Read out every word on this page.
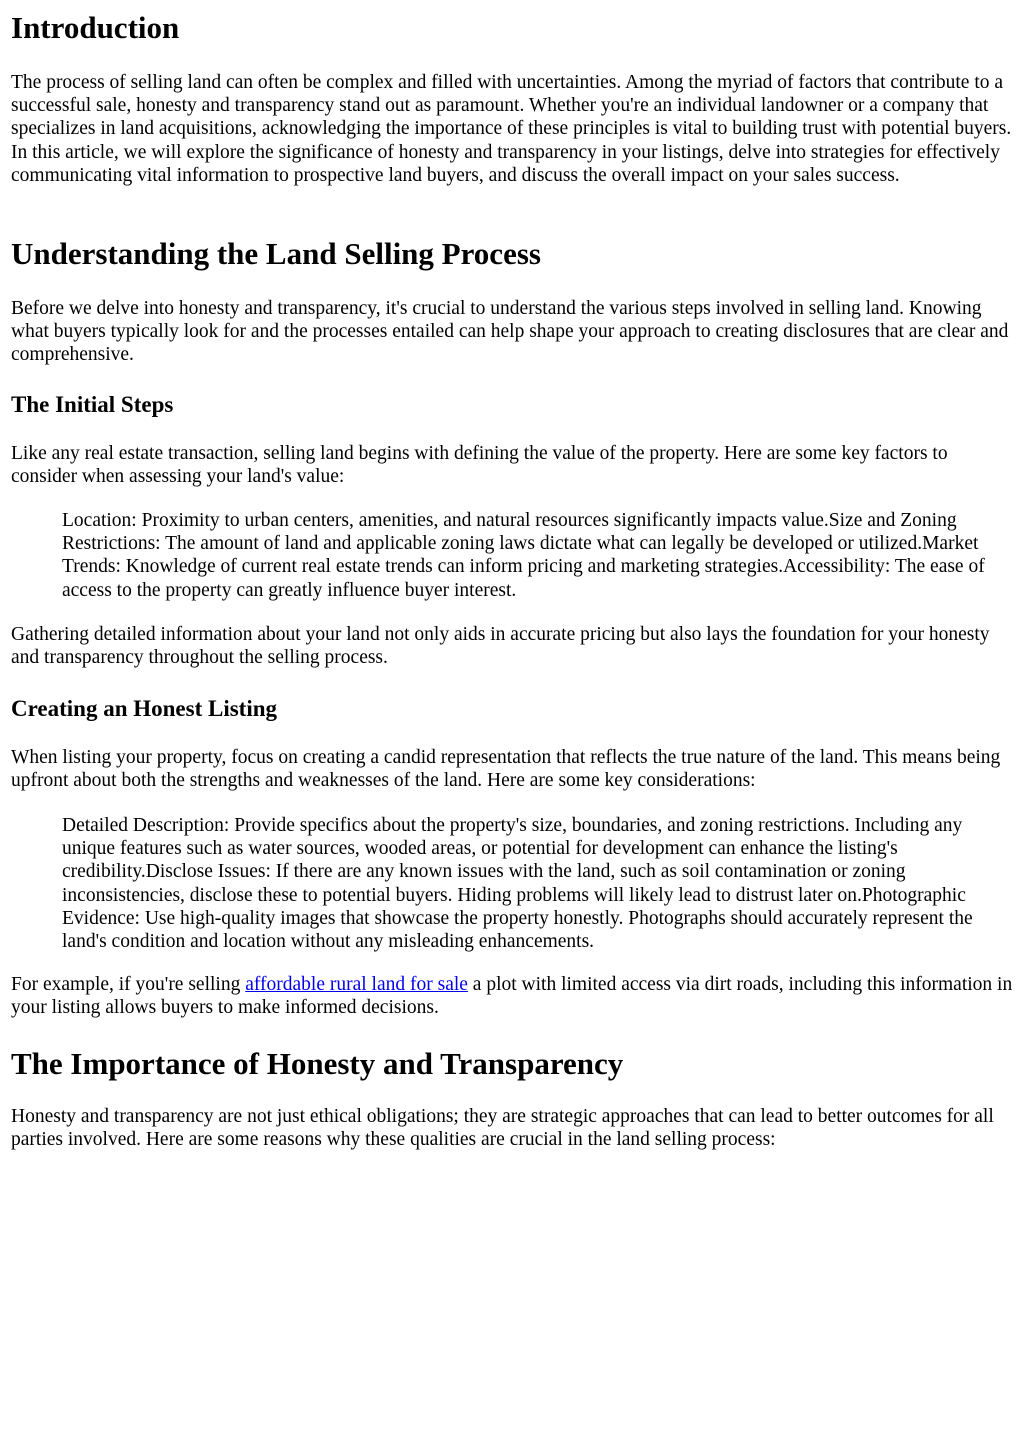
Introduction

The process of selling land can often be complex and filled with uncertainties. Among the myriad of factors that contribute to a successful sale, honesty and transparency stand out as paramount. Whether you're an individual landowner or a company that specializes in land acquisitions, acknowledging the importance of these principles is vital to building trust with potential buyers. In this article, we will explore the significance of honesty and transparency in your listings, delve into strategies for effectively communicating vital information to prospective land buyers, and discuss the overall impact on your sales success.

Understanding the Land Selling Process

Before we delve into honesty and transparency, it's crucial to understand the various steps involved in selling land. Knowing what buyers typically look for and the processes entailed can help shape your approach to creating disclosures that are clear and comprehensive.

The Initial Steps

Like any real estate transaction, selling land begins with defining the value of the property. Here are some key factors to consider when assessing your land's value:

Location: Proximity to urban centers, amenities, and natural resources significantly impacts value.Size and Zoning Restrictions: The amount of land and applicable zoning laws dictate what can legally be developed or utilized.Market Trends: Knowledge of current real estate trends can inform pricing and marketing strategies.Accessibility: The ease of access to the property can greatly influence buyer interest.

Gathering detailed information about your land not only aids in accurate pricing but also lays the foundation for your honesty and transparency throughout the selling process.

Creating an Honest Listing

When listing your property, focus on creating a candid representation that reflects the true nature of the land. This means being upfront about both the strengths and weaknesses of the land. Here are some key considerations:

Detailed Description: Provide specifics about the property's size, boundaries, and zoning restrictions. Including any unique features such as water sources, wooded areas, or potential for development can enhance the listing's credibility.Disclose Issues: If there are any known issues with the land, such as soil contamination or zoning inconsistencies, disclose these to potential buyers. Hiding problems will likely lead to distrust later on.Photographic Evidence: Use high-quality images that showcase the property honestly. Photographs should accurately represent the land's condition and location without any misleading enhancements.

For example, if you're selling affordable rural land for sale a plot with limited access via dirt roads, including this information in your listing allows buyers to make informed decisions.

The Importance of Honesty and Transparency

Honesty and transparency are not just ethical obligations; they are strategic approaches that can lead to better outcomes for all parties involved. Here are some reasons why these qualities are crucial in the land selling process:
